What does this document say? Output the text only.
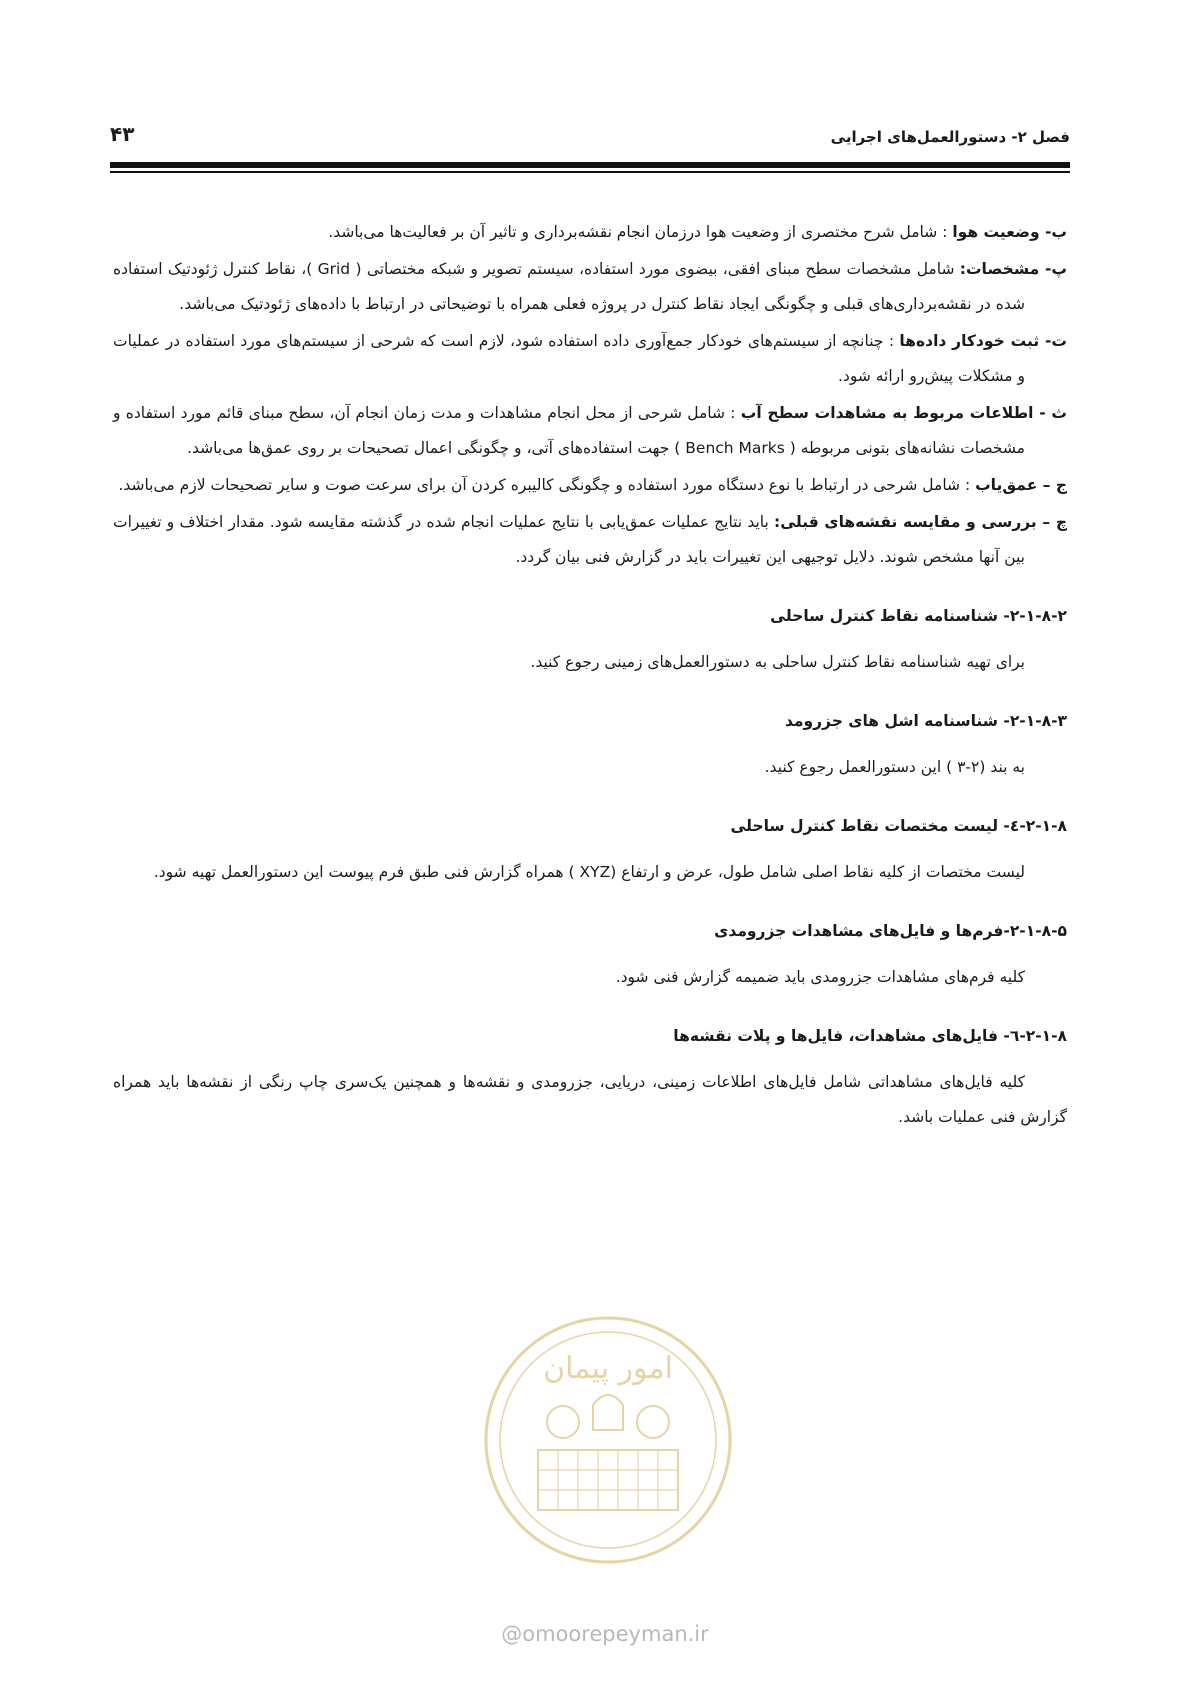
فصل ۲- دستورالعمل‌های اجرایی
۴۳

ب- وضعیت هوا : شامل شرح مختصری از وضعیت هوا درزمان انجام نقشه‌برداری و تاثیر آن بر فعالیت‌ها می‌باشد.

پ- مشخصات: شامل مشخصات سطح مبنای افقی، بیضوی مورد استفاده، سیستم تصویر و شبکه مختصاتی ( Grid )، نقاط کنترل ژئودتیک استفاده شده در نقشه‌برداری‌های قبلی و چگونگی ایجاد نقاط کنترل در پروژه فعلی همراه با توضیحاتی در ارتباط با داده‌های ژئودتیک می‌باشد.

ت- ثبت خودکار داده‌ها : چنانچه از سیستم‌های خودکار جمع‌آوری داده استفاده شود، لازم است که شرحی از سیستم‌های مورد استفاده در عملیات و مشکلات پیش‌رو ارائه شود.

ث - اطلاعات مربوط به مشاهدات سطح آب : شامل شرحی از محل انجام مشاهدات و مدت زمان انجام آن، سطح مبنای قائم مورد استفاده و مشخصات نشانه‌های بتونی مربوطه ( Bench Marks ) جهت استفاده‌های آتی، و چگونگی اعمال تصحیحات بر روی عمق‌ها می‌باشد.

ج – عمق‌یاب : شامل شرحی در ارتباط با نوع دستگاه مورد استفاده و چگونگی کالیبره کردن آن برای سرعت صوت و سایر تصحیحات لازم می‌باشد.

چ – بررسی و مقایسه نقشه‌های قبلی: باید نتایج عملیات عمق‌یابی با نتایج عملیات انجام شده در گذشته مقایسه شود. مقدار اختلاف و تغییرات بین آنها مشخص شوند. دلایل توجیهی این تغییرات باید در گزارش فنی بیان گردد.

۲-۱-۸-۲- شناسنامه نقاط کنترل ساحلی

برای تهیه شناسنامه نقاط کنترل ساحلی به دستورالعمل‌های زمینی رجوع کنید.

۲-۱-۸-۳- شناسنامه اشل های جزرومد

به بند (۲-۳ ) این دستورالعمل رجوع کنید.

۲-۱-۸-٤- لیست مختصات نقاط کنترل ساحلی

لیست مختصات از کلیه نقاط اصلی شامل طول، عرض و ارتفاع (XYZ ) همراه گزارش فنی طبق فرم پیوست این دستورالعمل تهیه شود.

۲-۱-۸-۵-فرم‌ها و فایل‌های مشاهدات جزرومدی

کلیه فرم‌های مشاهدات جزرومدی باید ضمیمه گزارش فنی شود.

۲-۱-۸-٦- فایل‌های مشاهدات، فایل‌ها و پلات نقشه‌ها

کلیه فایل‌های مشاهداتی شامل فایل‌های اطلاعات زمینی، دریایی، جزرومدی و نقشه‌ها و همچنین یک‌سری چاپ رنگی از نقشه‌ها باید همراه گزارش فنی عملیات باشد.

امور پیمان
@omoorepeyman.ir
